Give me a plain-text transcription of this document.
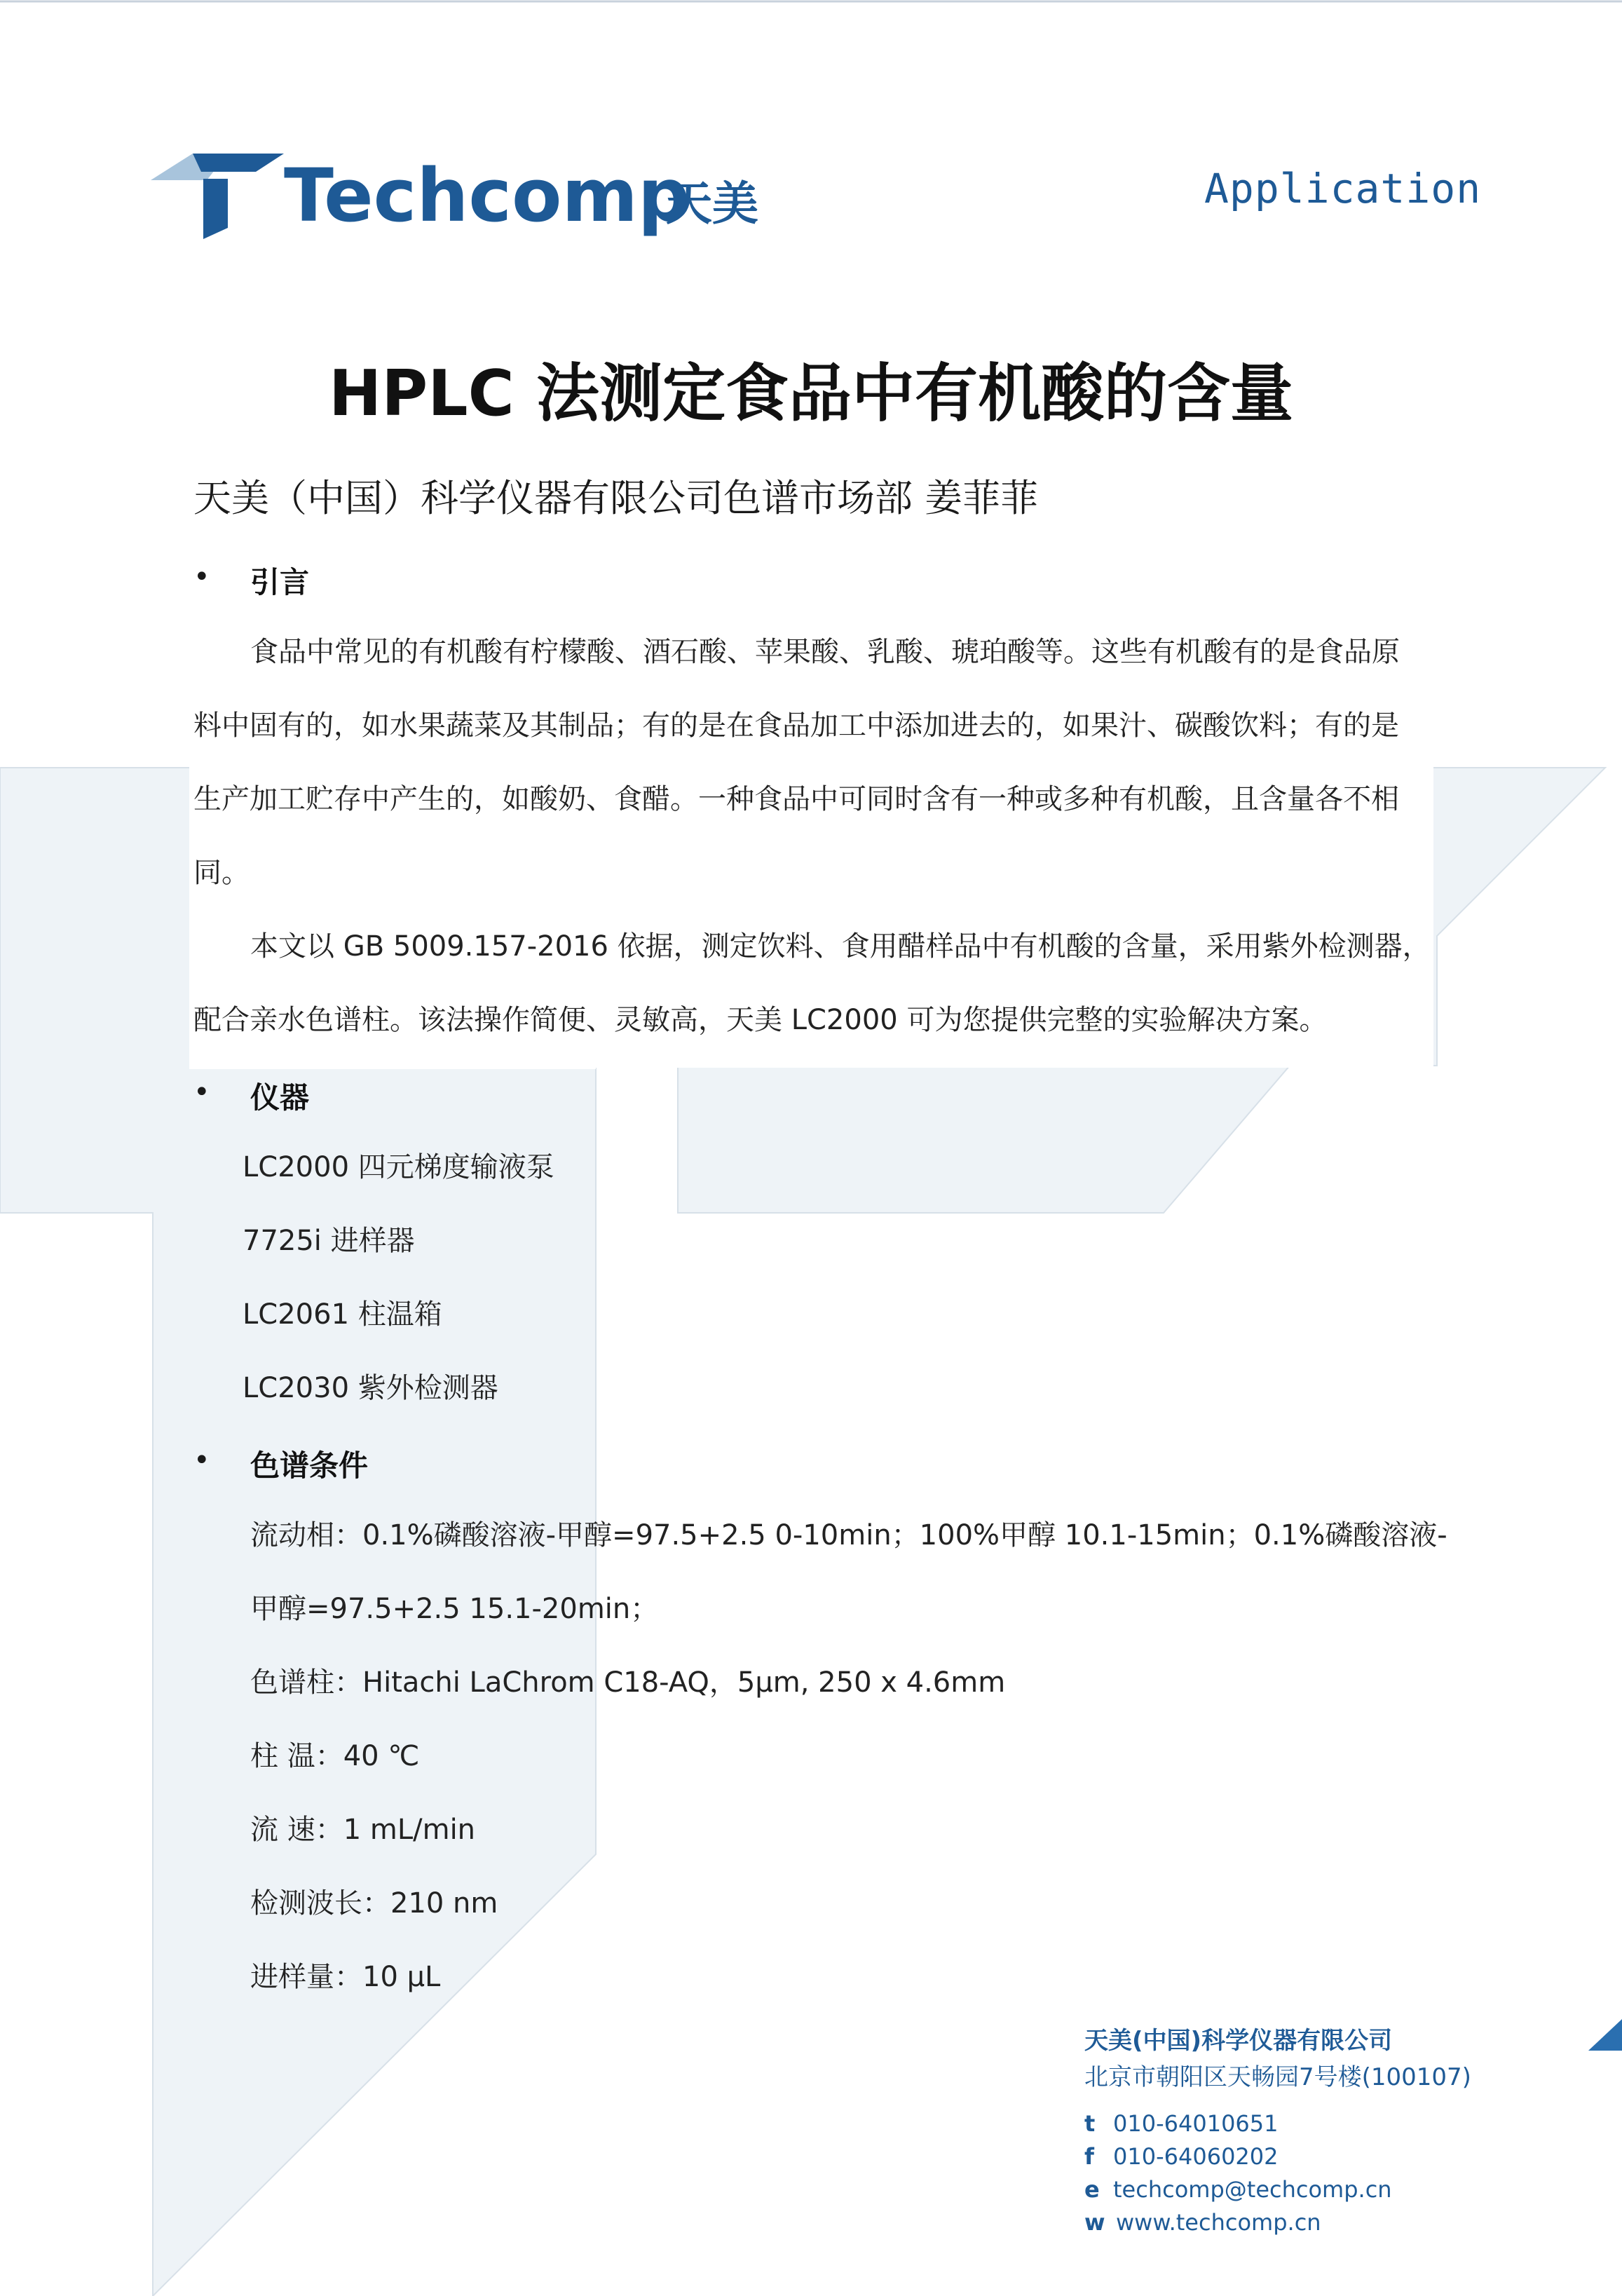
Techcomp
天美	Application
HPLC 法测定食品中有机酸的含量
天美（中国）科学仪器有限公司色谱市场部 姜菲菲
• 引言
食品中常见的有机酸有柠檬酸、酒石酸、苹果酸、乳酸、琥珀酸等。这些有机酸有的是食品原
料中固有的，如水果蔬菜及其制品；有的是在食品加工中添加进去的，如果汁、碳酸饮料；有的是
生产加工贮存中产生的，如酸奶、食醋。一种食品中可同时含有一种或多种有机酸，且含量各不相
同。
本文以 GB 5009.157-2016 依据，测定饮料、食用醋样品中有机酸的含量，采用紫外检测器，
配合亲水色谱柱。该法操作简便、灵敏高，天美 LC2000 可为您提供完整的实验解决方案。
• 仪器
LC2000 四元梯度输液泵
7725i 进样器
LC2061 柱温箱
LC2030 紫外检测器
• 色谱条件
流动相：0.1%磷酸溶液-甲醇=97.5+2.5 0-10min；100%甲醇 10.1-15min；0.1%磷酸溶液-
甲醇=97.5+2.5 15.1-20min；
色谱柱：Hitachi LaChrom C18-AQ，5μm, 250 x 4.6mm
柱 温：40 ℃
流 速：1 mL/min
检测波长：210 nm
进样量：10 μL
天美(中国)科学仪器有限公司
北京市朝阳区天畅园7号楼(100107)
t 010-64010651
f 010-64060202
e techcomp@techcomp.cn
w www.techcomp.cn
